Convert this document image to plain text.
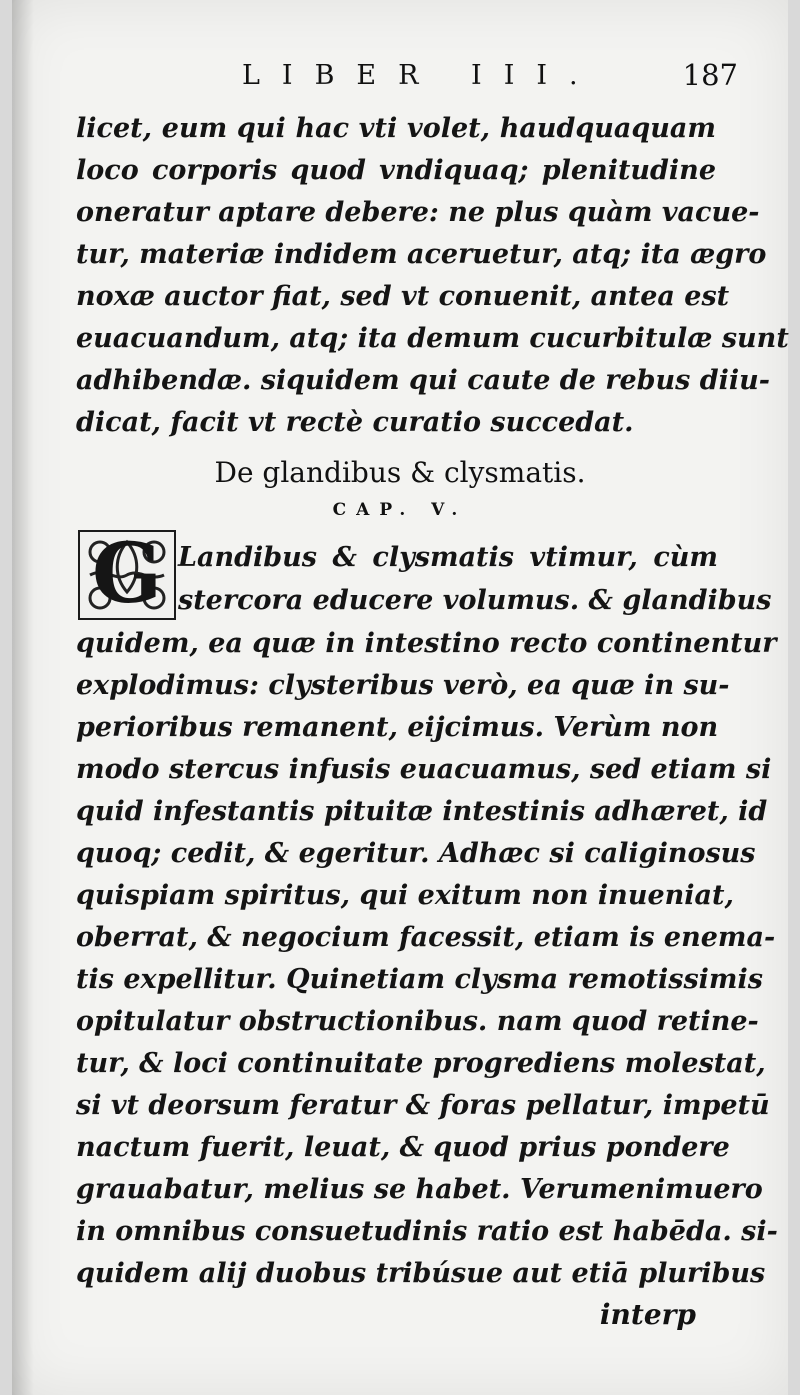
LIBER III.	187
licet, eum qui hac vti volet, haudquaquam
loco corporis quod vndiquaq; plenitudine
oneratur aptare debere: ne plus quàm vacue-
tur, materiæ indidem aceruetur, atq; ita ægro
noxæ auctor fiat, sed vt conuenit, antea est
euacuandum, atq; ita demum cucurbitulæ sunt
adhibendæ. siquidem qui caute de rebus diiu-
dicat, facit vt rectè curatio succedat.
De glandibus & clysmatis.
CAP. V.
G Landibus & clysmatis vtimur, cùm
stercora educere volumus. & glandibus
quidem, ea quæ in intestino recto continentur
explodimus: clysteribus verò, ea quæ in su-
perioribus remanent, eijcimus. Verùm non
modo stercus infusis euacuamus, sed etiam si
quid infestantis pituitæ intestinis adhæret, id
quoq; cedit, & egeritur. Adhæc si caliginosus
quispiam spiritus, qui exitum non inueniat,
oberrat, & negocium facessit, etiam is enema-
tis expellitur. Quinetiam clysma remotissimis
opitulatur obstructionibus. nam quod retine-
tur, & loci continuitate progrediens molestat,
si vt deorsum feratur & foras pellatur, impetū
nactum fuerit, leuat, & quod prius pondere
grauabatur, melius se habet. Verumenimuero
in omnibus consuetudinis ratio est habēda. si-
quidem alij duobus tribúsue aut etiā pluribus
interp
